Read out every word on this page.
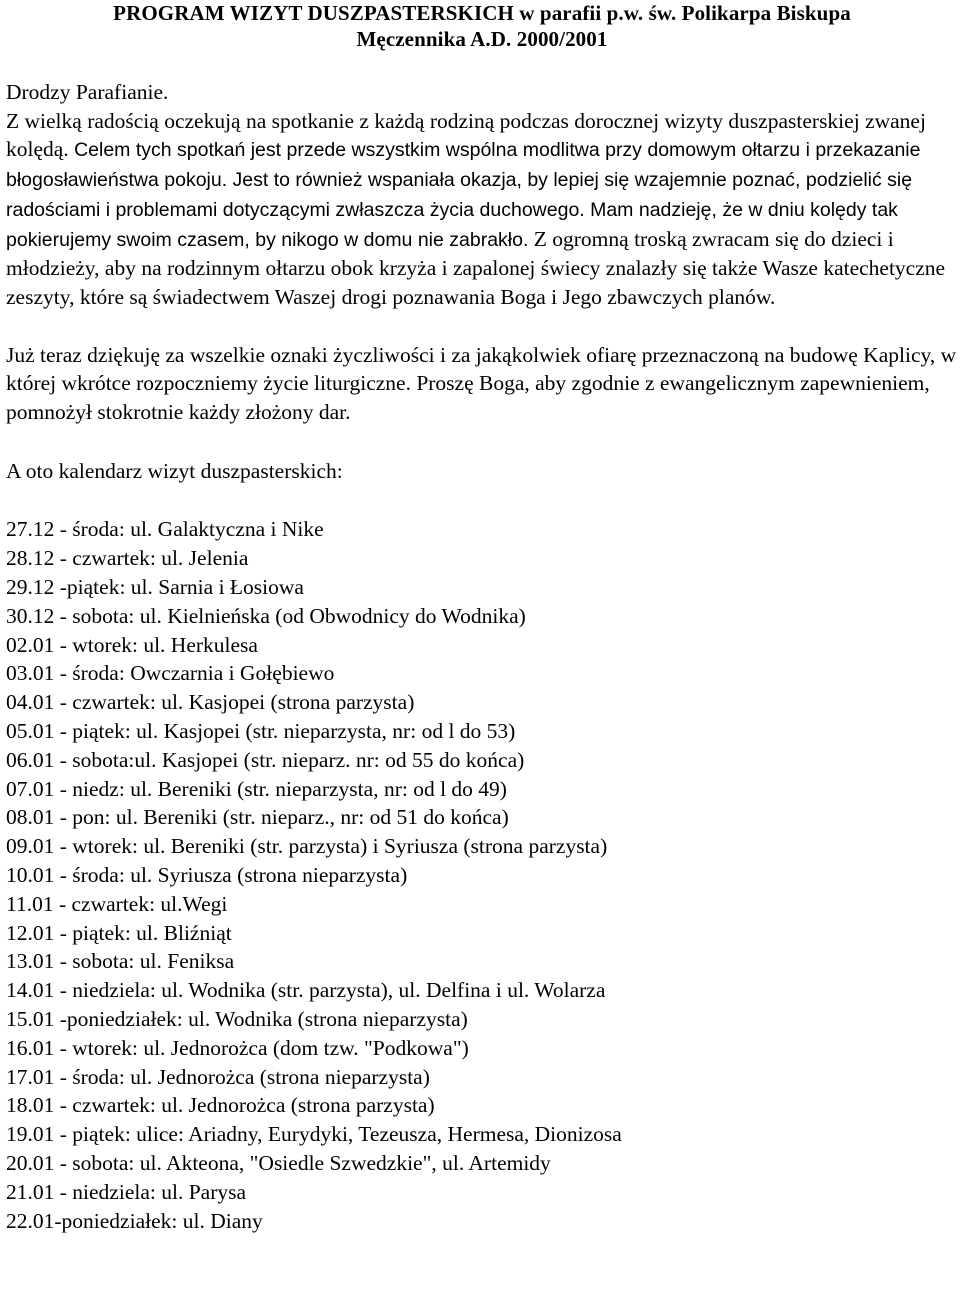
PROGRAM WIZYT DUSZPASTERSKICH w parafii p.w. św. Polikarpa Biskupa
Męczennika A.D. 2000/2001

Drodzy Parafianie.

Z wielką radością oczekują na spotkanie z każdą rodziną podczas dorocznej wizyty duszpasterskiej zwanej kolędą. Celem tych spotkań jest przede wszystkim wspólna modlitwa przy domowym ołtarzu i przekazanie błogosławieństwa pokoju. Jest to również wspaniała okazja, by lepiej się wzajemnie poznać, podzielić się radościami i problemami dotyczącymi zwłaszcza życia duchowego. Mam nadzieję, że w dniu kolędy tak pokierujemy swoim czasem, by nikogo w domu nie zabrakło. Z ogromną troską zwracam się do dzieci i młodzieży, aby na rodzinnym ołtarzu obok krzyża i zapalonej świecy znalazły się także Wasze katechetyczne zeszyty, które są świadectwem Waszej drogi poznawania Boga i Jego zbawczych planów.

Już teraz dziękuję za wszelkie oznaki życzliwości i za jakąkolwiek ofiarę przeznaczoną na budowę Kaplicy, w której wkrótce rozpoczniemy życie liturgiczne. Proszę Boga, aby zgodnie z ewangelicznym zapewnieniem, pomnożył stokrotnie każdy złożony dar.

A oto kalendarz wizyt duszpasterskich:

27.12 - środa: ul. Galaktyczna i Nike
28.12 - czwartek: ul. Jelenia
29.12 -piątek: ul. Sarnia i Łosiowa
30.12 - sobota: ul. Kielnieńska (od Obwodnicy do Wodnika)
02.01 - wtorek: ul. Herkulesa
03.01 - środa: Owczarnia i Gołębiewo
04.01 - czwartek: ul. Kasjopei (strona parzysta)
05.01 - piątek: ul. Kasjopei (str. nieparzysta, nr: od l do 53)
06.01 - sobota:ul. Kasjopei (str. nieparz. nr: od 55 do końca)
07.01 - niedz: ul. Bereniki (str. nieparzysta, nr: od l do 49)
08.01 - pon: ul. Bereniki (str. nieparz., nr: od 51 do końca)
09.01 - wtorek: ul. Bereniki (str. parzysta) i Syriusza (strona parzysta)
10.01 - środa: ul. Syriusza (strona nieparzysta)
11.01 - czwartek: ul.Wegi
12.01 - piątek: ul. Bliźniąt
13.01 - sobota: ul. Feniksa
14.01 - niedziela: ul. Wodnika (str. parzysta), ul. Delfina i ul. Wolarza
15.01 -poniedziałek: ul. Wodnika (strona nieparzysta)
16.01 - wtorek: ul. Jednorożca (dom tzw. "Podkowa")
17.01 - środa: ul. Jednorożca (strona nieparzysta)
18.01 - czwartek: ul. Jednorożca (strona parzysta)
19.01 - piątek: ulice: Ariadny, Eurydyki, Tezeusza, Hermesa, Dionizosa
20.01 - sobota: ul. Akteona, "Osiedle Szwedzkie", ul. Artemidy
21.01 - niedziela: ul. Parysa
22.01-poniedziałek: ul. Diany
